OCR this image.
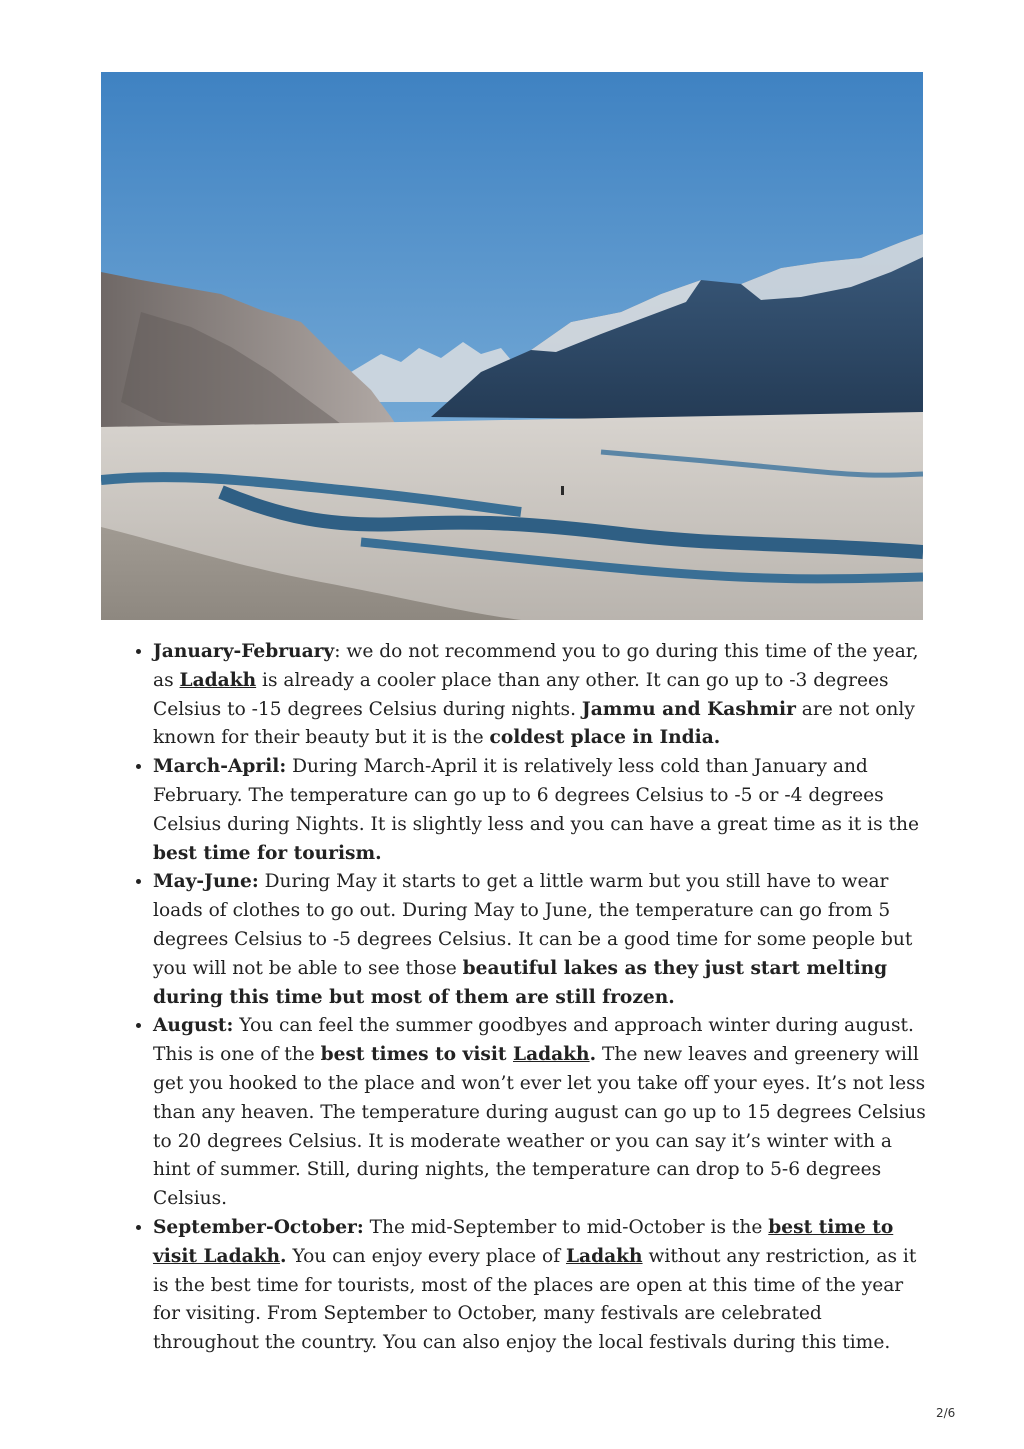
• January-February: we do not recommend you to go during this time of the year, as Ladakh is already a cooler place than any other. It can go up to -3 degrees Celsius to -15 degrees Celsius during nights. Jammu and Kashmir are not only known for their beauty but it is the coldest place in India.
• March-April: During March-April it is relatively less cold than January and February. The temperature can go up to 6 degrees Celsius to -5 or -4 degrees Celsius during Nights. It is slightly less and you can have a great time as it is the best time for tourism.
• May-June: During May it starts to get a little warm but you still have to wear loads of clothes to go out. During May to June, the temperature can go from 5 degrees Celsius to -5 degrees Celsius. It can be a good time for some people but you will not be able to see those beautiful lakes as they just start melting during this time but most of them are still frozen.
• August: You can feel the summer goodbyes and approach winter during august. This is one of the best times to visit Ladakh. The new leaves and greenery will get you hooked to the place and won’t ever let you take off your eyes. It’s not less than any heaven. The temperature during august can go up to 15 degrees Celsius to 20 degrees Celsius. It is moderate weather or you can say it’s winter with a hint of summer. Still, during nights, the temperature can drop to 5-6 degrees Celsius.
• September-October: The mid-September to mid-October is the best time to visit Ladakh. You can enjoy every place of Ladakh without any restriction, as it is the best time for tourists, most of the places are open at this time of the year for visiting. From September to October, many festivals are celebrated throughout the country. You can also enjoy the local festivals during this time.
2/6
